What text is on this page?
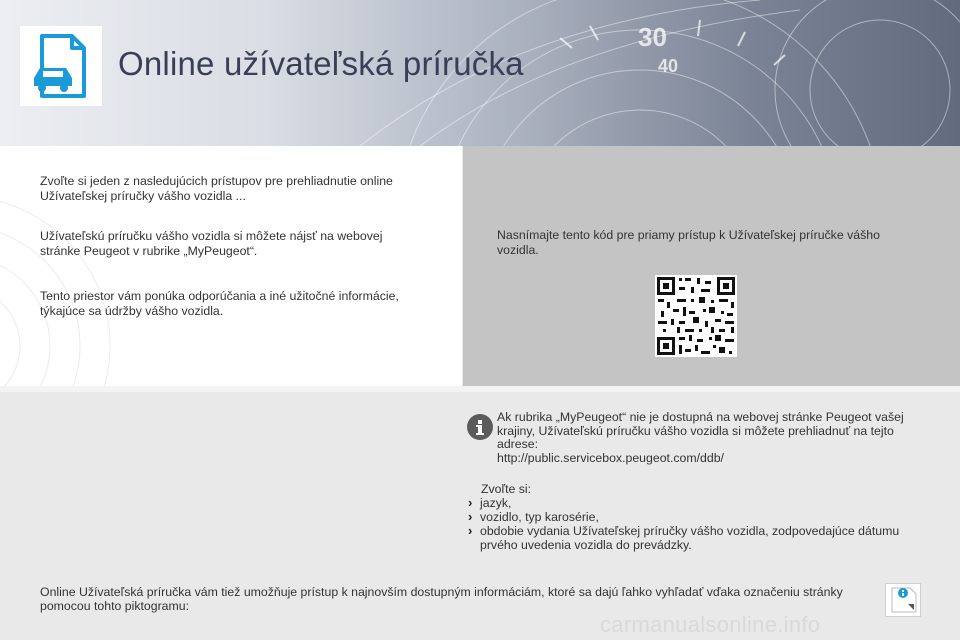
30
40
Online užívateľská príručka
Zvoľte si jeden z nasledujúcich prístupov pre prehliadnutie online Užívateľskej príručky vášho vozidla ...
Užívateľskú príručku vášho vozidla si môžete nájsť na webovej stránke Peugeot v rubrike „MyPeugeot“.
Tento priestor vám ponúka odporúčania a iné užitočné informácie, týkajúce sa údržby vášho vozidla.
Nasnímajte tento kód pre priamy prístup k Užívateľskej príručke vášho vozidla.
Ak rubrika „MyPeugeot“ nie je dostupná na webovej stránke Peugeot vašej krajiny, Užívateľskú príručku vášho vozidla si môžete prehliadnuť na tejto adrese:
http://public.servicebox.peugeot.com/ddb/
Zvoľte si:
› jazyk,
› vozidlo, typ karosérie,
› obdobie vydania Užívateľskej príručky vášho vozidla, zodpovedajúce dátumu prvého uvedenia vozidla do prevádzky.
Online Užívateľská príručka vám tiež umožňuje prístup k najnovším dostupným informáciám, ktoré sa dajú ľahko vyhľadať vďaka označeniu stránky pomocou tohto piktogramu:
carmanualsonline.info
